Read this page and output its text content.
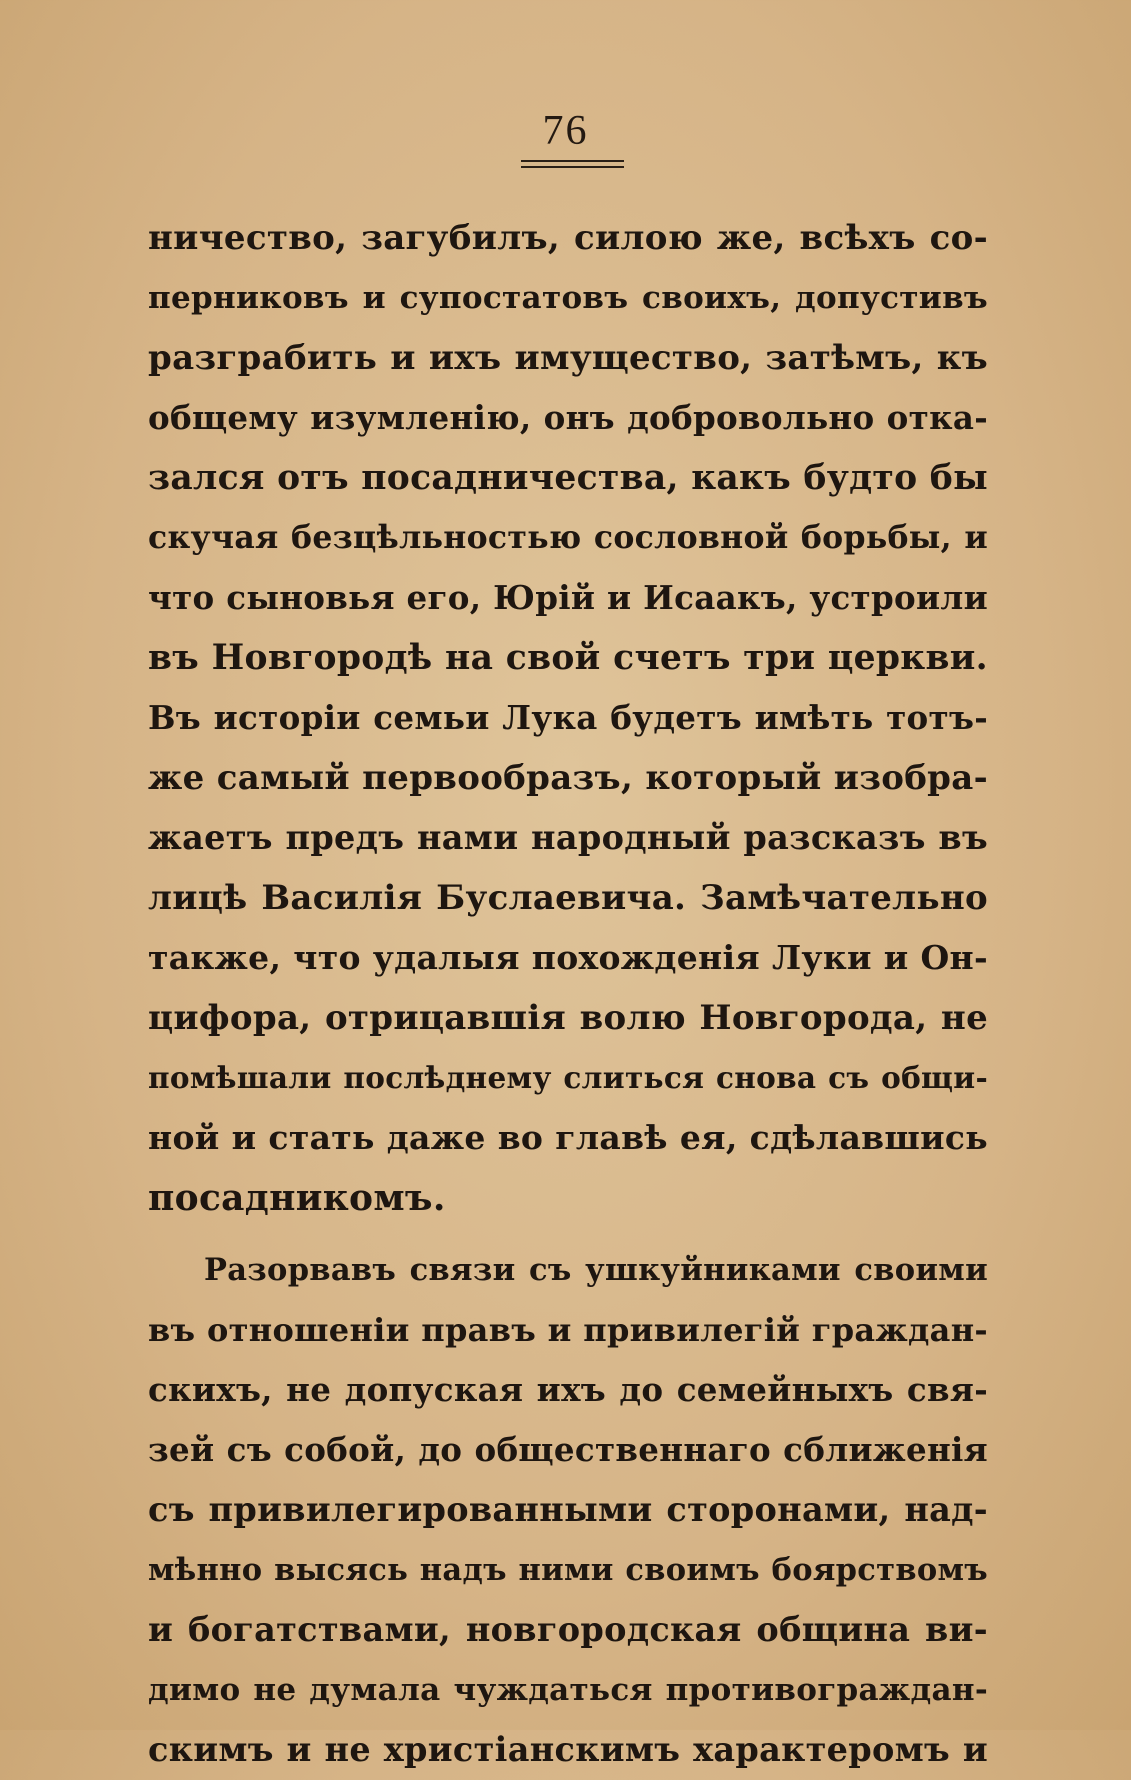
76
ничество, загубилъ, силою же, всѣхъ со-
перниковъ и супостатовъ своихъ, допустивъ
разграбить и ихъ имущество, затѣмъ, къ
общему изумленію, онъ добровольно отка-
зался отъ посадничества, какъ будто бы
скучая безцѣльностью сословной борьбы, и
что сыновья его, Юрій и Исаакъ, устроили
въ Новгородѣ на свой счетъ три церкви.
Въ исторіи семьи Лука будетъ имѣть тотъ-
же самый первообразъ, который изобра-
жаетъ предъ нами народный разсказъ въ
лицѣ Василія Буслаевича. Замѣчательно
также, что удалыя похожденія Луки и Он-
цифора, отрицавшія волю Новгорода, не
помѣшали послѣднему слиться снова съ общи-
ной и стать даже во главѣ ея, сдѣлавшись
посадникомъ.
Разорвавъ связи съ ушкуйниками своими
въ отношеніи правъ и привилегій граждан-
скихъ, не допуская ихъ до семейныхъ свя-
зей съ собой, до общественнаго сближенія
съ привилегированными сторонами, над-
мѣнно высясь надъ ними своимъ боярствомъ
и богатствами, новгородская община ви-
димо не думала чуждаться противограждан-
скимъ и не христіанскимъ характеромъ и
